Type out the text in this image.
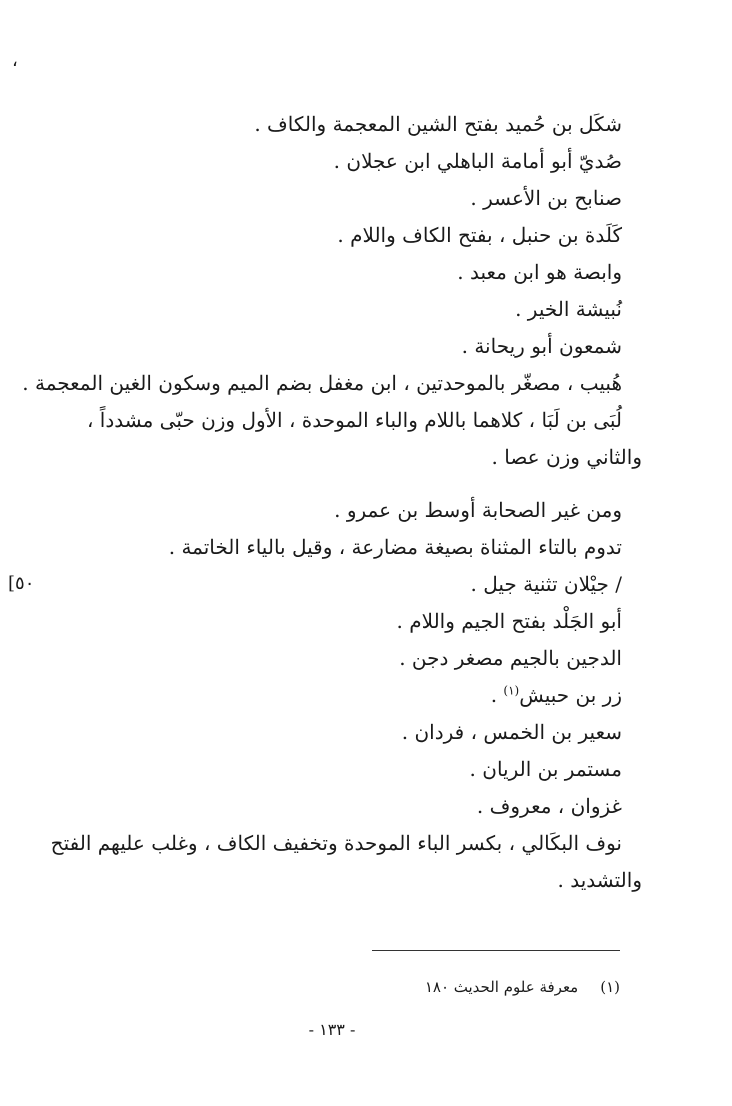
،
شكَل بن حُميد بفتح الشين المعجمة والكاف .
صُديّ أبو أمامة الباهلي ابن عجلان .
صنابح بن الأعسر .
كَلَدة بن حنبل ، بفتح الكاف واللام .
وابصة هو ابن معبد .
نُبيشة الخير .
شمعون أبو ريحانة .
هُبيب ، مصغّر بالموحدتين ، ابن مغفل بضم الميم وسكون الغين المعجمة .
لُبَى بن لَبَا ، كلاهما باللام والباء الموحدة ، الأول وزن حبّى مشدداً ،
والثاني وزن عصا .
ومن غير الصحابة أوسط بن عمرو .
تدوم بالتاء المثناة بصيغة مضارعة ، وقيل بالياء الخاتمة .
/ جيْلان تثنية جيل .
أبو الجَلْد بفتح الجيم واللام .
الدجين بالجيم مصغر دجن .
زر بن حبيش$^{(١)}$ .
سعير بن الخمس ، فردان .
مستمر بن الريان .
غزوان ، معروف .
نوف البكَالي ، بكسر الباء الموحدة وتخفيف الكاف ، وغلب عليهم الفتح
والتشديد .
[٥٠
(١)معرفة علوم الحديث ١٨٠
- ١٣٣ -
